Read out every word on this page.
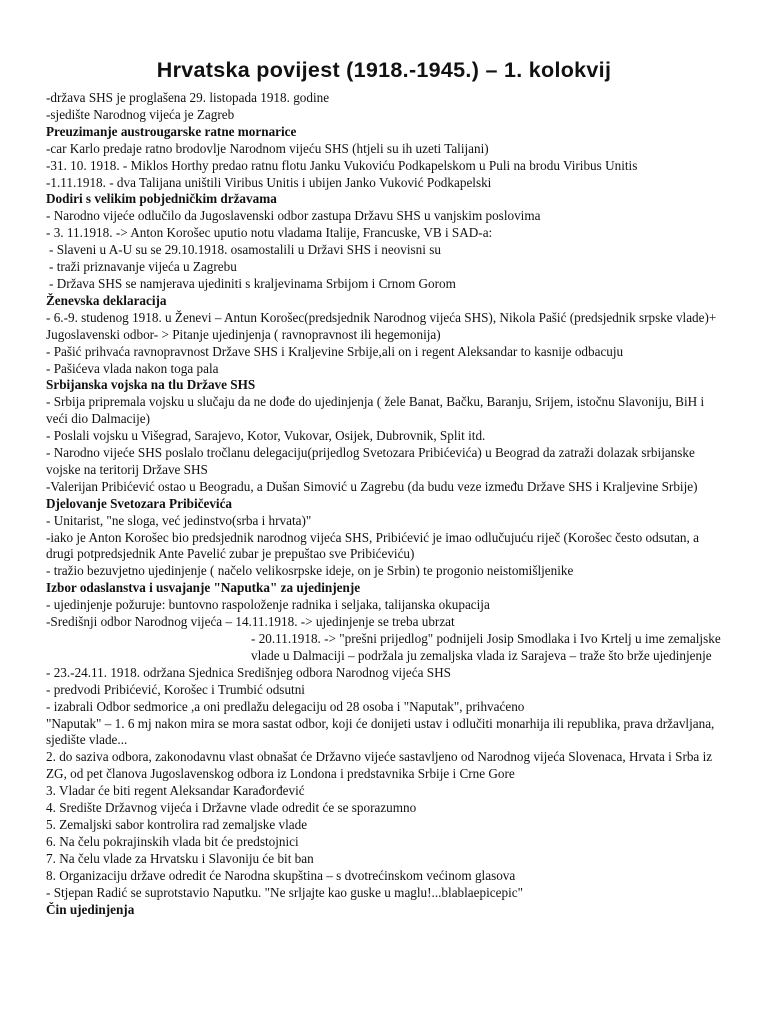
Hrvatska povijest (1918.-1945.) – 1. kolokvij

-država SHS je proglašena 29. listopada 1918. godine

-sjedište Narodnog vijeća je Zagreb

Preuzimanje austrougarske ratne mornarice

-car Karlo predaje ratno brodovlje Narodnom vijeću SHS (htjeli su ih uzeti Talijani)

-31. 10. 1918. - Miklos Horthy predao ratnu flotu Janku Vukoviću Podkapelskom u Puli na brodu Viribus Unitis

-1.11.1918. - dva Talijana uništili Viribus Unitis i ubijen Janko Vuković Podkapelski

Dodiri s velikim pobjedničkim državama

- Narodno vijeće odlučilo da Jugoslavenski odbor zastupa Državu SHS u vanjskim poslovima

- 3. 11.1918. -> Anton Korošec uputio notu vladama Italije, Francuske, VB i SAD-a:

- Slaveni u A-U su se 29.10.1918. osamostalili u Državi SHS i neovisni su

- traži priznavanje vijeća u Zagrebu

- Država SHS se namjerava ujediniti s kraljevinama Srbijom i Crnom Gorom

Ženevska deklaracija

- 6.-9. studenog 1918. u Ženevi – Antun Korošec(predsjednik Narodnog vijeća SHS), Nikola Pašić (predsjednik srpske vlade)+ Jugoslavenski odbor- > Pitanje ujedinjenja ( ravnopravnost ili hegemonija)

- Pašić prihvaća ravnopravnost Države SHS i Kraljevine Srbije,ali on i regent Aleksandar to kasnije odbacuju

- Pašićeva vlada nakon toga pala

Srbijanska vojska na tlu Države SHS

- Srbija pripremala vojsku u slučaju da ne dođe do ujedinjenja ( žele Banat, Bačku, Baranju, Srijem, istočnu Slavoniju, BiH i veći dio Dalmacije)

- Poslali vojsku u Višegrad, Sarajevo, Kotor, Vukovar, Osijek, Dubrovnik, Split itd.

- Narodno vijeće SHS poslalo tročlanu delegaciju(prijedlog Svetozara Pribićevića) u Beograd da zatraži dolazak srbijanske vojske na teritorij Države SHS

-Valerijan Pribićević ostao u Beogradu, a Dušan Simović u Zagrebu (da budu veze između Države SHS i Kraljevine Srbije)

Djelovanje Svetozara Pribičevića

- Unitarist, "ne sloga, već jedinstvo(srba i hrvata)"

-iako je Anton Korošec bio predsjednik narodnog vijeća SHS, Pribićević je imao odlučujuću riječ (Korošec često odsutan, a drugi potpredsjednik Ante Pavelić zubar je prepuštao sve Pribićeviću)

- tražio bezuvjetno ujedinjenje ( načelo velikosrpske ideje, on je Srbin) te progonio neistomišljenike

Izbor odaslanstva i usvajanje "Naputka" za ujedinjenje

- ujedinjenje požuruje: buntovno raspoloženje radnika i seljaka, talijanska okupacija

-Središnji odbor Narodnog vijeća – 14.11.1918. -> ujedinjenje se treba ubrzat

- 20.11.1918. -> "prešni prijedlog" podnijeli Josip Smodlaka i Ivo Krtelj u ime zemaljske vlade u Dalmaciji – podržala ju zemaljska vlada iz Sarajeva – traže što brže ujedinjenje

- 23.-24.11. 1918. održana Sjednica Središnjeg odbora Narodnog vijeća SHS

- predvodi Pribićević, Korošec i Trumbić odsutni

- izabrali Odbor sedmorice ,a oni predlažu delegaciju od 28 osoba i "Naputak", prihvaćeno

"Naputak" – 1. 6 mj nakon mira se mora sastat odbor, koji će donijeti ustav i odlučiti monarhija ili republika, prava državljana, sjedište vlade...

2. do saziva odbora, zakonodavnu vlast obnašat će Državno vijeće sastavljeno od Narodnog vijeća Slovenaca, Hrvata i Srba iz ZG, od pet članova Jugoslavenskog odbora iz Londona i predstavnika Srbije i Crne Gore

3. Vladar će biti regent Aleksandar Karađorđević

4. Središte Državnog vijeća i Državne vlade odredit će se sporazumno

5. Zemaljski sabor kontrolira rad zemaljske vlade

6. Na čelu pokrajinskih vlada bit će predstojnici

7. Na čelu vlade za Hrvatsku i Slavoniju će bit ban

8. Organizaciju države odredit će Narodna skupština – s dvotrećinskom većinom glasova

- Stjepan Radić se suprotstavio Naputku. "Ne srljajte kao guske u maglu!...blablaepicepic"

Čin ujedinjenja
